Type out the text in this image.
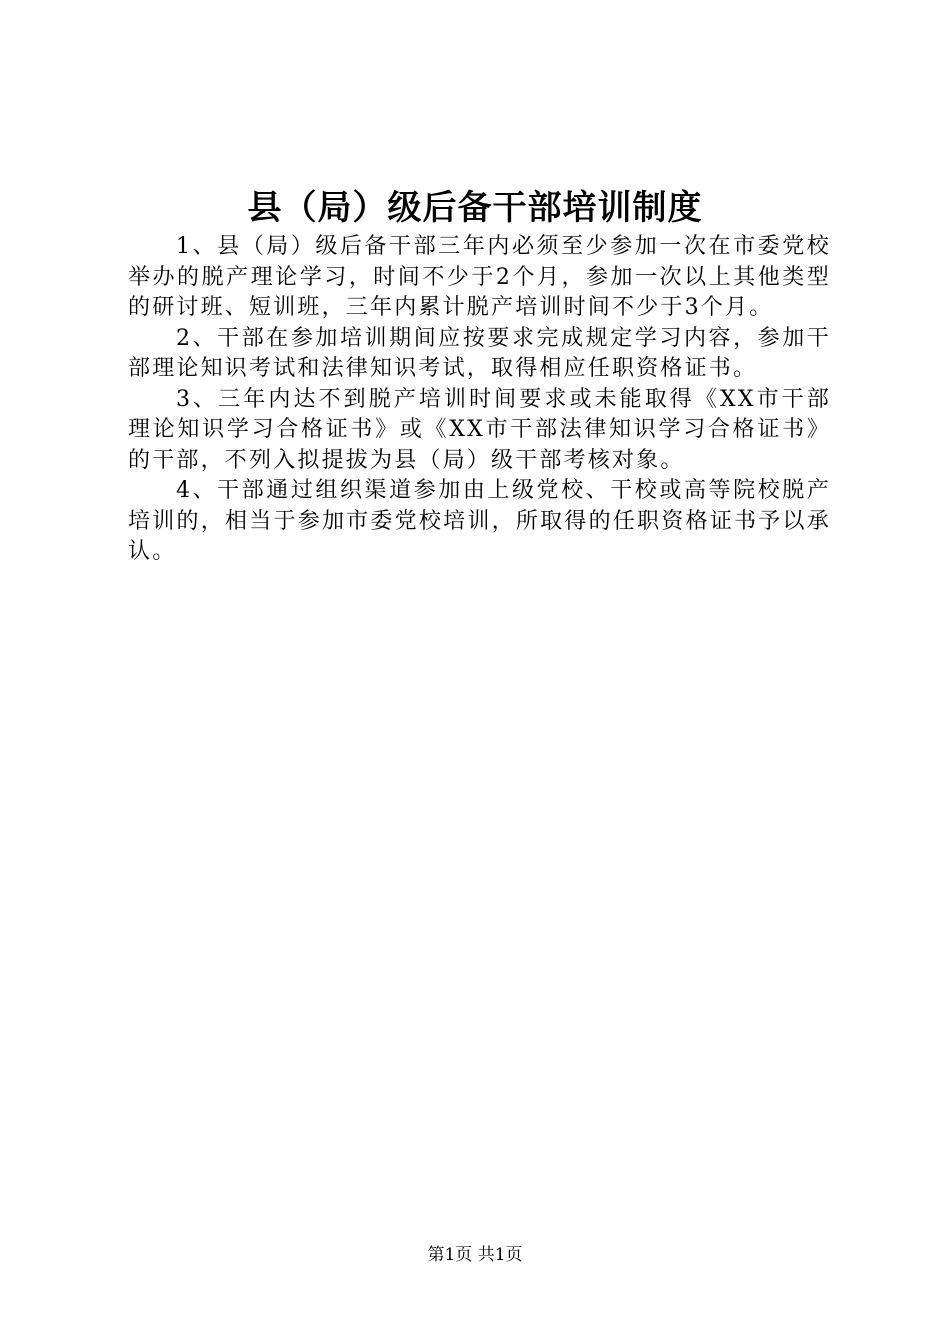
县（局）级后备干部培训制度

1、县（局）级后备干部三年内必须至少参加一次在市委党校举办的脱产理论学习，时间不少于2个月，参加一次以上其他类型的研讨班、短训班，三年内累计脱产培训时间不少于3个月。

2、干部在参加培训期间应按要求完成规定学习内容，参加干部理论知识考试和法律知识考试，取得相应任职资格证书。

3、三年内达不到脱产培训时间要求或未能取得《XX市干部理论知识学习合格证书》或《XX市干部法律知识学习合格证书》的干部，不列入拟提拔为县（局）级干部考核对象。

4、干部通过组织渠道参加由上级党校、干校或高等院校脱产培训的，相当于参加市委党校培训，所取得的任职资格证书予以承认。

第1页 共1页
